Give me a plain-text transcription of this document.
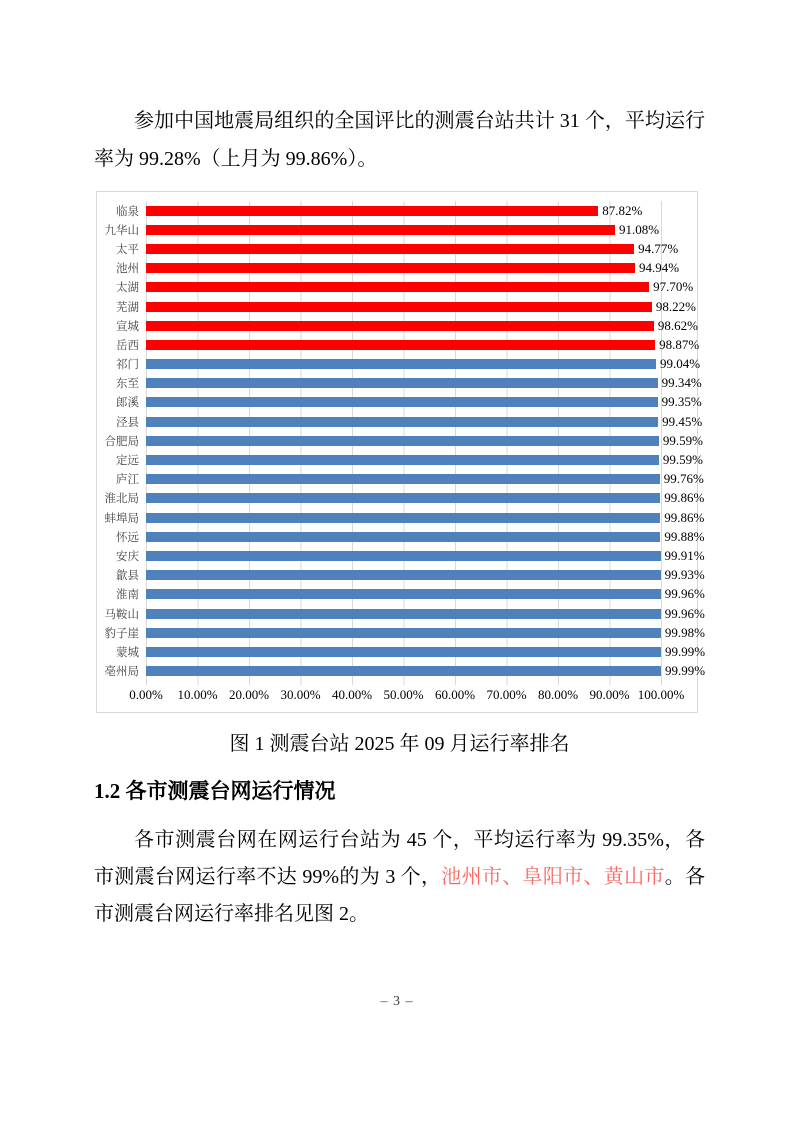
参加中国地震局组织的全国评比的测震台站共计 31 个，平均运行率为 99.28%（上月为 99.86%）。

临泉	87.82%
九华山	91.08%
太平	94.77%
池州	94.94%
太湖	97.70%
芜湖	98.22%
宣城	98.62%
岳西	98.87%
祁门	99.04%
东至	99.34%
郎溪	99.35%
泾县	99.45%
合肥局	99.59%
定远	99.59%
庐江	99.76%
淮北局	99.86%
蚌埠局	99.86%
怀远	99.88%
安庆	99.91%
歙县	99.93%
淮南	99.96%
马鞍山	99.96%
豹子崖	99.98%
蒙城	99.99%
亳州局	99.99%
0.00% 10.00% 20.00% 30.00% 40.00% 50.00% 60.00% 70.00% 80.00% 90.00% 100.00%

图 1 测震台站 2025 年 09 月运行率排名

1.2 各市测震台网运行情况

各市测震台网在网运行台站为 45 个，平均运行率为 99.35%，各市测震台网运行率不达 99%的为 3 个，池州市、阜阳市、黄山市。各市测震台网运行率排名见图 2。

– 3 –
